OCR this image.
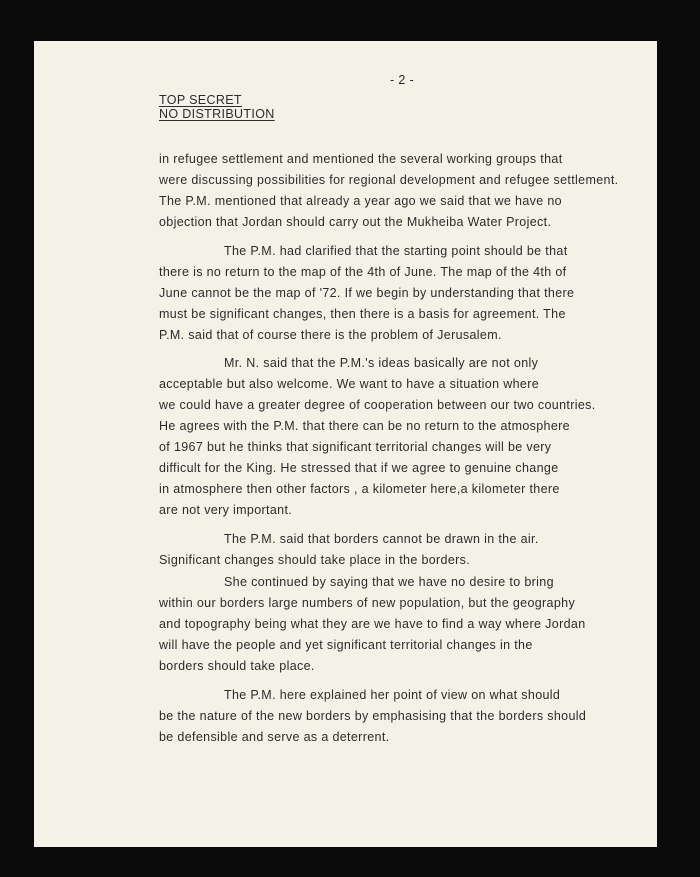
- 2 -
TOP SECRET
NO DISTRIBUTION
in refugee settlement and mentioned the several working groups that
were discussing possibilities for regional development and refugee settlement.
The P.M. mentioned that already a year ago we said that we have no
objection that Jordan should carry out the Mukheiba Water Project.
The P.M. had clarified that the starting point should be that
there is no return to the map of the 4th of June. The map of the 4th of
June cannot be the map of '72. If we begin by understanding that there
must be significant changes, then there is a basis for agreement. The
P.M. said that of course there is the problem of Jerusalem.
Mr. N. said that the P.M.'s ideas basically are not only
acceptable but also welcome. We want to have a situation where
we could have a greater degree of cooperation between our two countries.
He agrees with the P.M. that there can be no return to the atmosphere
of 1967 but he thinks that significant territorial changes will be very
difficult for the King. He stressed that if we agree to genuine change
in atmosphere then other factors , a kilometer here,a kilometer there
are not very important.
The P.M. said that borders cannot be drawn in the air.
Significant changes should take place in the borders.
She continued by saying that we have no desire to bring
within our borders large numbers of new population, but the geography
and topography being what they are we have to find a way where Jordan
will have the people and yet significant territorial changes in the
borders should take place.
The P.M. here explained her point of view on what should
be the nature of the new borders by emphasising that the borders should
be defensible and serve as a deterrent.
